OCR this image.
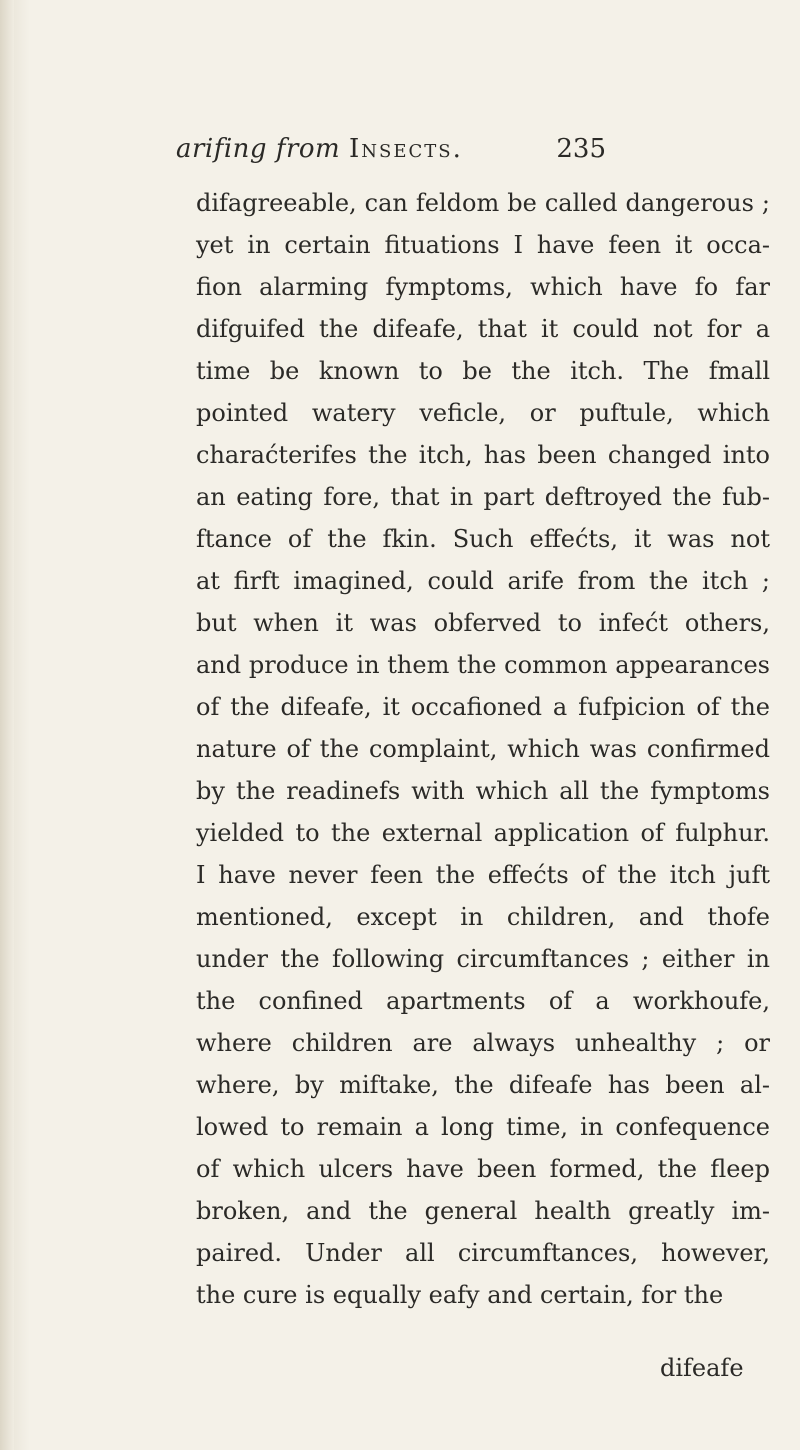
arifing from Insects.	235
difagreeable, can feldom be called dangerous ;
yet in certain fituations I have feen it occa-
fion alarming fymptoms, which have fo far
difguifed the difeafe, that it could not for a
time be known to be the itch. The fmall
pointed watery veficle, or puftule, which
charaćterifes the itch, has been changed into
an eating fore, that in part deftroyed the fub-
ftance of the fkin. Such effećts, it was not
at firft imagined, could arife from the itch ;
but when it was obferved to infećt others,
and produce in them the common appearances
of the difeafe, it occafioned a fufpicion of the
nature of the complaint, which was confirmed
by the readinefs with which all the fymptoms
yielded to the external application of fulphur.
I have never feen the effećts of the itch juft
mentioned, except in children, and thofe
under the following circumftances ; either in
the confined apartments of a workhoufe,
where children are always unhealthy ; or
where, by miftake, the difeafe has been al-
lowed to remain a long time, in confequence
of which ulcers have been formed, the fleep
broken, and the general health greatly im-
paired. Under all circumftances, however,
the cure is equally eafy and certain, for the
difeafe
